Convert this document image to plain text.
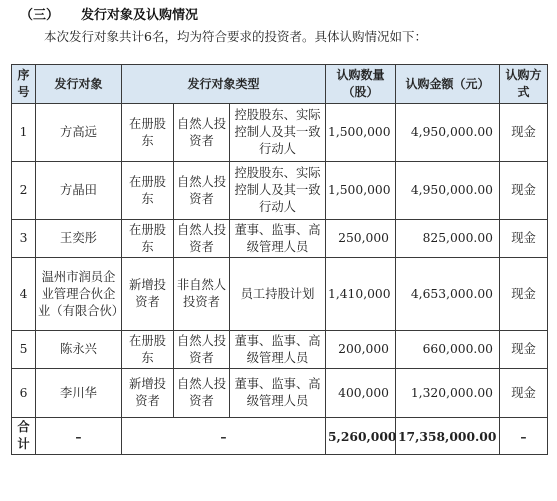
（三） 发行对象及认购情况
本次发行对象共计6名，均为符合要求的投资者。具体认购情况如下：
序号	发行对象	发行对象类型			认购数量（股）	认购金额（元）	认购方式
1	方高远	在册股东	自然人投资者	控股股东、实际控制人及其一致行动人	1,500,000	4,950,000.00	现金
2	方晶田	在册股东	自然人投资者	控股股东、实际控制人及其一致行动人	1,500,000	4,950,000.00	现金
3	王奕彤	在册股东	自然人投资者	董事、监事、高级管理人员	250,000	825,000.00	现金
4	温州市润员企业管理合伙企业（有限合伙）	新增投资者	非自然人投资者	员工持股计划	1,410,000	4,653,000.00	现金
5	陈永兴	在册股东	自然人投资者	董事、监事、高级管理人员	200,000	660,000.00	现金
6	李川华	新增投资者	自然人投资者	董事、监事、高级管理人员	400,000	1,320,000.00	现金
合计	–	–			5,260,000	17,358,000.00	–
